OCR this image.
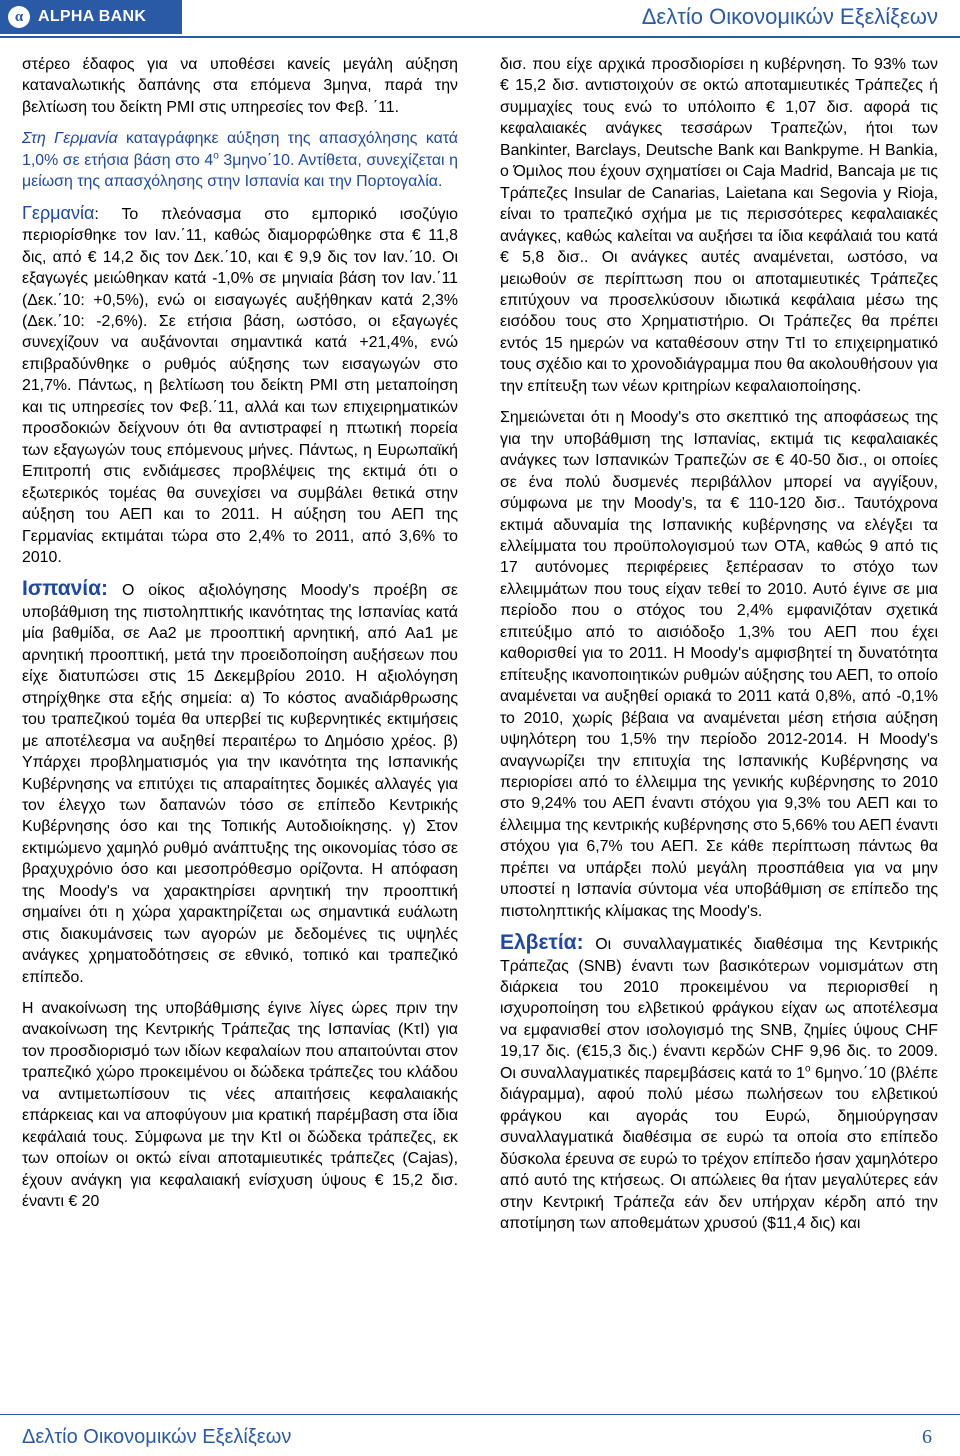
α ALPHA BANK	Δελτίο Οικονομικών Εξελίξεων

στέρεο έδαφος για να υποθέσει κανείς μεγάλη αύξηση καταναλωτικής δαπάνης στα επόμενα 3μηνα, παρά την βελτίωση του δείκτη PMI στις υπηρεσίες τον Φεβ. ΄11.

Στη Γερμανία καταγράφηκε αύξηση της απασχόλησης κατά 1,0% σε ετήσια βάση στο $4^o$ 3μηνο΄10. Αντίθετα, συνεχίζεται η μείωση της απασχόλησης στην Ισπανία και την Πορτογαλία.

Γερμανία: Το πλεόνασμα στο εμπορικό ισοζύγιο περιορίσθηκε τον Ιαν.΄11, καθώς διαμορφώθηκε στα € 11,8 δις, από € 14,2 δις τον Δεκ.΄10, και € 9,9 δις τον Ιαν.΄10. Οι εξαγωγές μειώθηκαν κατά -1,0% σε μηνιαία βάση τον Ιαν.΄11 (Δεκ.΄10: +0,5%), ενώ οι εισαγωγές αυξήθηκαν κατά 2,3% (Δεκ.΄10: -2,6%). Σε ετήσια βάση, ωστόσο, οι εξαγωγές συνεχίζουν να αυξάνονται σημαντικά κατά +21,4%, ενώ επιβραδύνθηκε ο ρυθμός αύξησης των εισαγωγών στο 21,7%. Πάντως, η βελτίωση του δείκτη PMI στη μεταποίηση και τις υπηρεσίες τον Φεβ.΄11, αλλά και των επιχειρηματικών προσδοκιών δείχνουν ότι θα αντιστραφεί η πτωτική πορεία των εξαγωγών τους επόμενους μήνες. Πάντως, η Ευρωπαϊκή Επιτροπή στις ενδιάμεσες προβλέψεις της εκτιμά ότι ο εξωτερικός τομέας θα συνεχίσει να συμβάλει θετικά στην αύξηση του ΑΕΠ και το 2011. Η αύξηση του ΑΕΠ της Γερμανίας εκτιμάται τώρα στο 2,4% το 2011, από 3,6% το 2010.

Ισπανία: Ο οίκος αξιολόγησης Moody's προέβη σε υποβάθμιση της πιστοληπτικής ικανότητας της Ισπανίας κατά μία βαθμίδα, σε Aa2 με προοπτική αρνητική, από Aa1 με αρνητική προοπτική, μετά την προειδοποίηση αυξήσεων που είχε διατυπώσει στις 15 Δεκεμβρίου 2010. Η αξιολόγηση στηρίχθηκε στα εξής σημεία: α) Το κόστος αναδιάρθρωσης του τραπεζικού τομέα θα υπερβεί τις κυβερνητικές εκτιμήσεις με αποτέλεσμα να αυξηθεί περαιτέρω το Δημόσιο χρέος. β) Υπάρχει προβληματισμός για την ικανότητα της Ισπανικής Κυβέρνησης να επιτύχει τις απαραίτητες δομικές αλλαγές για τον έλεγχο των δαπανών τόσο σε επίπεδο Κεντρικής Κυβέρνησης όσο και της Τοπικής Αυτοδιοίκησης. γ) Στον εκτιμώμενο χαμηλό ρυθμό ανάπτυξης της οικονομίας τόσο σε βραχυχρόνιο όσο και μεσοπρόθεσμο ορίζοντα. Η απόφαση της Moody's να χαρακτηρίσει αρνητική την προοπτική σημαίνει ότι η χώρα χαρακτηρίζεται ως σημαντικά ευάλωτη στις διακυμάνσεις των αγορών με δεδομένες τις υψηλές ανάγκες χρηματοδότησεις σε εθνικό, τοπικό και τραπεζικό επίπεδο.

Η ανακοίνωση της υποβάθμισης έγινε λίγες ώρες πριν την ανακοίνωση της Κεντρικής Τράπεζας της Ισπανίας (ΚτΙ) για τον προσδιορισμό των ιδίων κεφαλαίων που απαιτούνται στον τραπεζικό χώρο προκειμένου οι δώδεκα τράπεζες του κλάδου να αντιμετωπίσουν τις νέες απαιτήσεις κεφαλαιακής επάρκειας και να αποφύγουν μια κρατική παρέμβαση στα ίδια κεφάλαιά τους. Σύμφωνα με την ΚτΙ οι δώδεκα τράπεζες, εκ των οποίων οι οκτώ είναι αποταμιευτικές τράπεζες (Cajas), έχουν ανάγκη για κεφαλαιακή ενίσχυση ύψους € 15,2 δισ. έναντι € 20

δισ. που είχε αρχικά προσδιορίσει η κυβέρνηση. Το 93% των € 15,2 δισ. αντιστοιχούν σε οκτώ αποταμιευτικές Τράπεζες ή συμμαχίες τους ενώ το υπόλοιπο € 1,07 δισ. αφορά τις κεφαλαιακές ανάγκες τεσσάρων Τραπεζών, ήτοι των Bankinter, Barclays, Deutsche Bank και Bankpyme. Η Bankia, ο Όμιλος που έχουν σχηματίσει οι Caja Madrid, Bancaja με τις Τράπεζες Insular de Canarias, Laietana και Segovia y Rioja, είναι το τραπεζικό σχήμα με τις περισσότερες κεφαλαιακές ανάγκες, καθώς καλείται να αυξήσει τα ίδια κεφάλαιά του κατά € 5,8 δισ.. Οι ανάγκες αυτές αναμένεται, ωστόσο, να μειωθούν σε περίπτωση που οι αποταμιευτικές Τράπεζες επιτύχουν να προσελκύσουν ιδιωτικά κεφάλαια μέσω της εισόδου τους στο Χρηματιστήριο. Οι Τράπεζες θα πρέπει εντός 15 ημερών να καταθέσουν στην ΤτΙ το επιχειρηματικό τους σχέδιο και το χρονοδιάγραμμα που θα ακολουθήσουν για την επίτευξη των νέων κριτηρίων κεφαλαιοποίησης.

Σημειώνεται ότι η Moody's στο σκεπτικό της αποφάσεως της για την υποβάθμιση της Ισπανίας, εκτιμά τις κεφαλαιακές ανάγκες των Ισπανικών Τραπεζών σε € 40-50 δισ., οι οποίες σε ένα πολύ δυσμενές περιβάλλον μπορεί να αγγίξουν, σύμφωνα με την Moody’s, τα € 110-120 δισ.. Ταυτόχρονα εκτιμά αδυναμία της Ισπανικής κυβέρνησης να ελέγξει τα ελλείμματα του προϋπολογισμού των ΟΤΑ, καθώς 9 από τις 17 αυτόνομες περιφέρειες ξεπέρασαν το στόχο των ελλειμμάτων που τους είχαν τεθεί το 2010. Αυτό έγινε σε μια περίοδο που ο στόχος του 2,4% εμφανιζόταν σχετικά επιτεύξιμο από το αισιόδοξο 1,3% του ΑΕΠ που έχει καθορισθεί για το 2011. Η Moody's αμφισβητεί τη δυνατότητα επίτευξης ικανοποιητικών ρυθμών αύξησης του ΑΕΠ, το οποίο αναμένεται να αυξηθεί οριακά το 2011 κατά 0,8%, από -0,1% το 2010, χωρίς βέβαια να αναμένεται μέση ετήσια αύξηση υψηλότερη του 1,5% την περίοδο 2012-2014. Η Moody's αναγνωρίζει την επιτυχία της Ισπανικής Κυβέρνησης να περιορίσει από το έλλειμμα της γενικής κυβέρνησης το 2010 στο 9,24% του ΑΕΠ έναντι στόχου για 9,3% του ΑΕΠ και το έλλειμμα της κεντρικής κυβέρνησης στο 5,66% του ΑΕΠ έναντι στόχου για 6,7% του ΑΕΠ. Σε κάθε περίπτωση πάντως θα πρέπει να υπάρξει πολύ μεγάλη προσπάθεια για να μην υποστεί η Ισπανία σύντομα νέα υποβάθμιση σε επίπεδο της πιστοληπτικής κλίμακας της Moody's.

Ελβετία: Οι συναλλαγματικές διαθέσιμα της Κεντρικής Τράπεζας (SNB) έναντι των βασικότερων νομισμάτων στη διάρκεια του 2010 προκειμένου να περιορισθεί η ισχυροποίηση του ελβετικού φράγκου είχαν ως αποτέλεσμα να εμφανισθεί στον ισολογισμό της SNB, ζημίες ύψους CHF 19,17 δις. (€15,3 δις.) έναντι κερδών CHF 9,96 δις. το 2009. Οι συναλλαγματικές παρεμβάσεις κατά το $1^o$ 6μηνο.΄10 (βλέπε διάγραμμα), αφού πολύ μέσω πωλήσεων του ελβετικού φράγκου και αγοράς του Ευρώ, δημιούργησαν συναλλαγματικά διαθέσιμα σε ευρώ τα οποία στο επίπεδο δύσκολα έρευνα σε ευρώ το τρέχον επίπεδο ήσαν χαμηλότερο από αυτό της κτήσεως. Οι απώλειες θα ήταν μεγαλύτερες εάν στην Κεντρική Τράπεζα εάν δεν υπήρχαν κέρδη από την αποτίμηση των αποθεμάτων χρυσού ($11,4 δις) και

Δελτίο Οικονομικών Εξελίξεων	6
